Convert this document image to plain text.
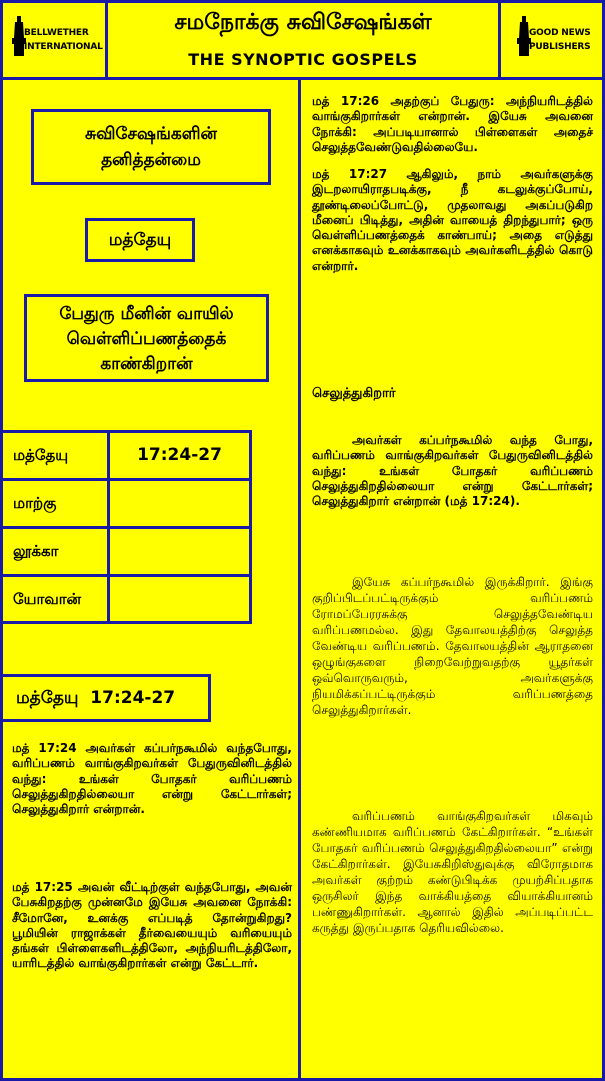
BELLWETHER
INTERNATIONAL
சமநோக்கு சுவிசேஷங்கள்
THE SYNOPTIC GOSPELS
GOOD NEWS
PUBLISHERS
சுவிசேஷங்களின் தனித்தன்மை
மத்தேயு
பேதுரு மீனின் வாயில் வெள்ளிப்பணத்தைக் காண்கிறான்
மத்தேயு	17:24-27
மாற்கு
லூக்கா
யோவான்
மத்தேயு  17:24-27
மத் 17:24 அவர்கள் கப்பர்நகூமில் வந்தபோது, வரிப்பணம் வாங்குகிறவர்கள் பேதுருவினிடத்தில் வந்து: உங்கள் போதகர் வரிப்பணம் செலுத்துகிறதில்லையா என்று கேட்டார்கள்; செலுத்துகிறார் என்றான்.
மத் 17:25 அவன் வீட்டிற்குள் வந்தபோது, அவன் பேசுகிறதற்கு முன்னமே இயேசு அவனை நோக்கி: சீமோனே, உனக்கு எப்படித் தோன்றுகிறது? பூமியின் ராஜாக்கள் தீர்வையையும் வரியையும் தங்கள் பிள்ளைகளிடத்திலோ, அந்நியரிடத்திலோ, யாரிடத்தில் வாங்குகிறார்கள் என்று கேட்டார்.
மத் 17:26 அதற்குப் பேதுரு: அந்நியரிடத்தில் வாங்குகிறார்கள் என்றான். இயேசு அவனை நோக்கி: அப்படியானால் பிள்ளைகள் அதைச் செலுத்தவேண்டுவதில்லையே.
மத் 17:27 ஆகிலும், நாம் அவர்களுக்கு இடறலாயிராதபடிக்கு, நீ கடலுக்குப்போய், தூண்டிலைப்போட்டு, முதலாவது அகப்படுகிற மீனைப் பிடித்து, அதின் வாயைத் திறந்துபார்; ஒரு வெள்ளிப்பணத்தைக் காண்பாய்; அதை எடுத்து எனக்காகவும் உனக்காகவும் அவர்களிடத்தில் கொடு என்றார்.
செலுத்துகிறார்
அவர்கள் கப்பர்நகூமில் வந்த போது, வரிப்பணம் வாங்குகிறவர்கள் பேதுருவினிடத்தில் வந்து: உங்கள் போதகர் வரிப்பணம் செலுத்துகிறதில்லையா என்று கேட்டார்கள்; செலுத்துகிறார் என்றான் (மத் 17:24).
இயேசு கப்பர்நகூமில் இருக்கிறார். இங்கு குறிப்பிடப்பட்டிருக்கும் வரிப்பணம் ரோமப்பேரரசுக்கு செலுத்தவேண்டிய வரிப்பணமல்ல. இது தேவாலயத்திற்கு செலுத்த வேண்டிய வரிப்பணம். தேவாலயத்தின் ஆராதனை ஒழுங்குகளை நிறைவேற்றுவதற்கு யூதர்கள் ஒவ்வொருவரும், அவர்களுக்கு நியமிக்கப்பட்டிருக்கும் வரிப்பணத்தை செலுத்துகிறார்கள்.
வரிப்பணம் வாங்குகிறவர்கள் மிகவும் கண்ணியமாக வரிப்பணம் கேட்கிறார்கள். “உங்கள் போதகர் வரிப்பணம் செலுத்துகிறதில்லையா” என்று கேட்கிறார்கள். இயேசுகிறிஸ்துவுக்கு விரோதமாக அவர்கள் குற்றம் கண்டுபிடிக்க முயற்சிப்பதாக ஒருசிலர் இந்த வாக்கியத்தை வியாக்கியானம் பண்ணுகிறார்கள். ஆனால் இதில் அப்படிப்பட்ட கருத்து இருப்பதாக தெரியவில்லை.
